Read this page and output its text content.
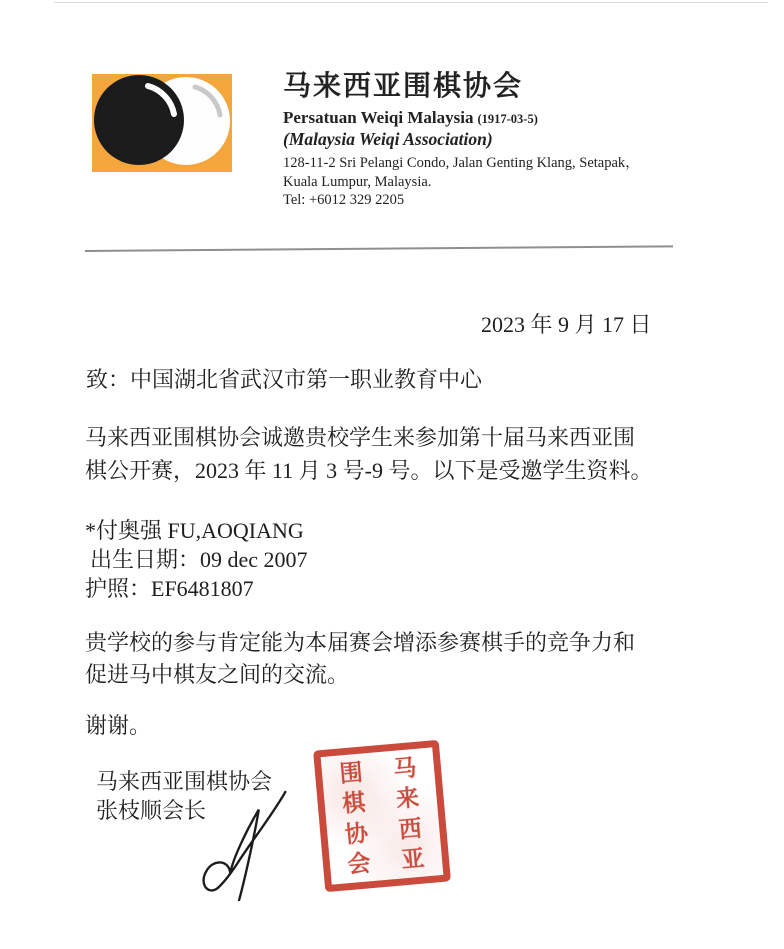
马来西亚围棋协会
Persatuan Weiqi Malaysia (1917-03-5)
(Malaysia Weiqi Association)
128-11-2 Sri Pelangi Condo, Jalan Genting Klang, Setapak，
Kuala Lumpur, Malaysia.
Tel: +6012 329 2205
2023 年 9 月 17 日
致：中国湖北省武汉市第一职业教育中心
马来西亚围棋协会诚邀贵校学生来参加第十届马来西亚围
棋公开赛，2023 年 11 月 3 号-9 号。以下是受邀学生资料。
*付奥强 FU,AOQIANG
出生日期：09 dec 2007
护照：EF6481807
贵学校的参与肯定能为本届赛会增添参赛棋手的竞争力和
促进马中棋友之间的交流。
谢谢。
马来西亚围棋协会
张枝顺会长
围
棋
协
会
马
来
西
亚
